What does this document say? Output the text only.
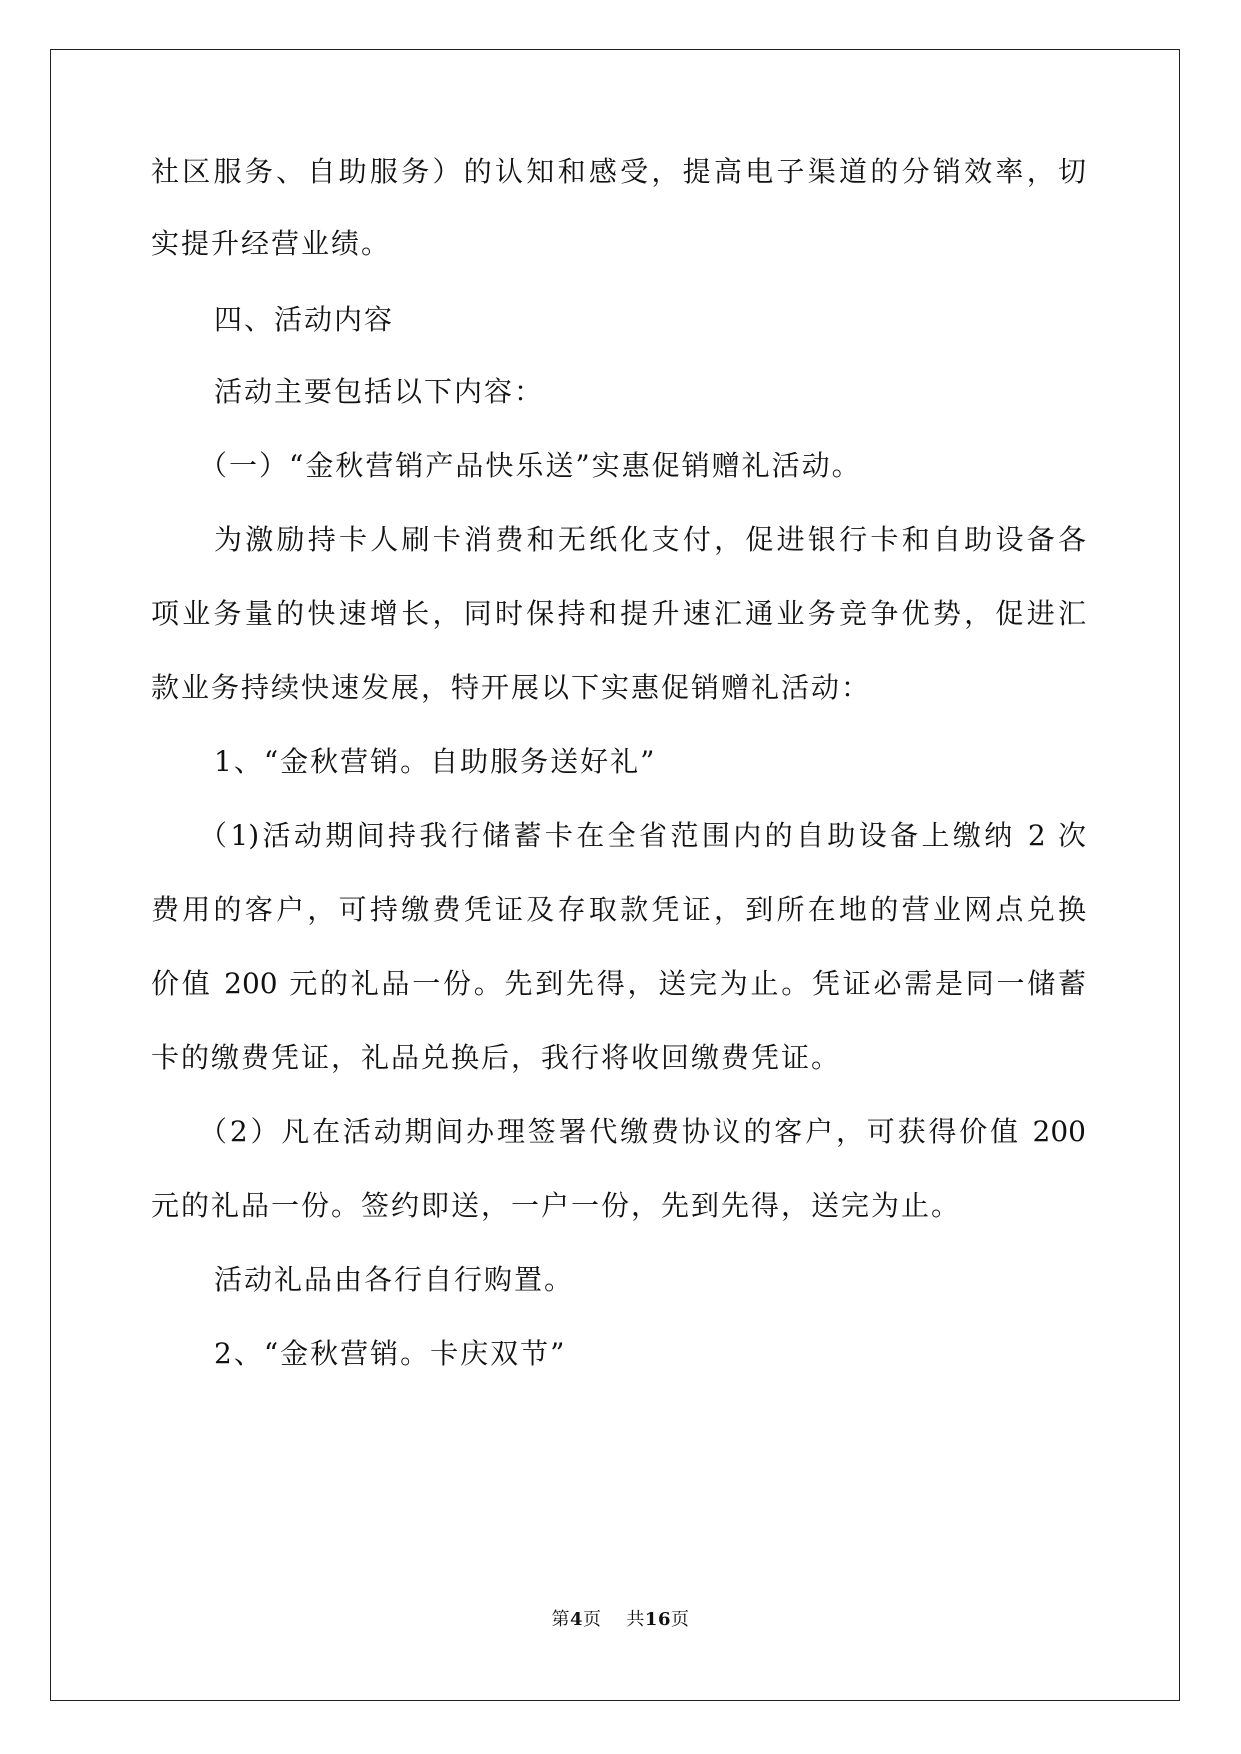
社区服务、自助服务）的认知和感受，提高电子渠道的分销效率，切
实提升经营业绩。
四、活动内容
活动主要包括以下内容：
（一）“金秋营销产品快乐送”实惠促销赠礼活动。
为激励持卡人刷卡消费和无纸化支付，促进银行卡和自助设备各
项业务量的快速增长，同时保持和提升速汇通业务竞争优势，促进汇
款业务持续快速发展，特开展以下实惠促销赠礼活动：
1、“金秋营销。自助服务送好礼”
（1)活动期间持我行储蓄卡在全省范围内的自助设备上缴纳 2 次
费用的客户，可持缴费凭证及存取款凭证，到所在地的营业网点兑换
价值 200 元的礼品一份。先到先得，送完为止。凭证必需是同一储蓄
卡的缴费凭证，礼品兑换后，我行将收回缴费凭证。
（2）凡在活动期间办理签署代缴费协议的客户，可获得价值 200
元的礼品一份。签约即送，一户一份，先到先得，送完为止。
活动礼品由各行自行购置。
2、“金秋营销。卡庆双节”
第4页 共16页
